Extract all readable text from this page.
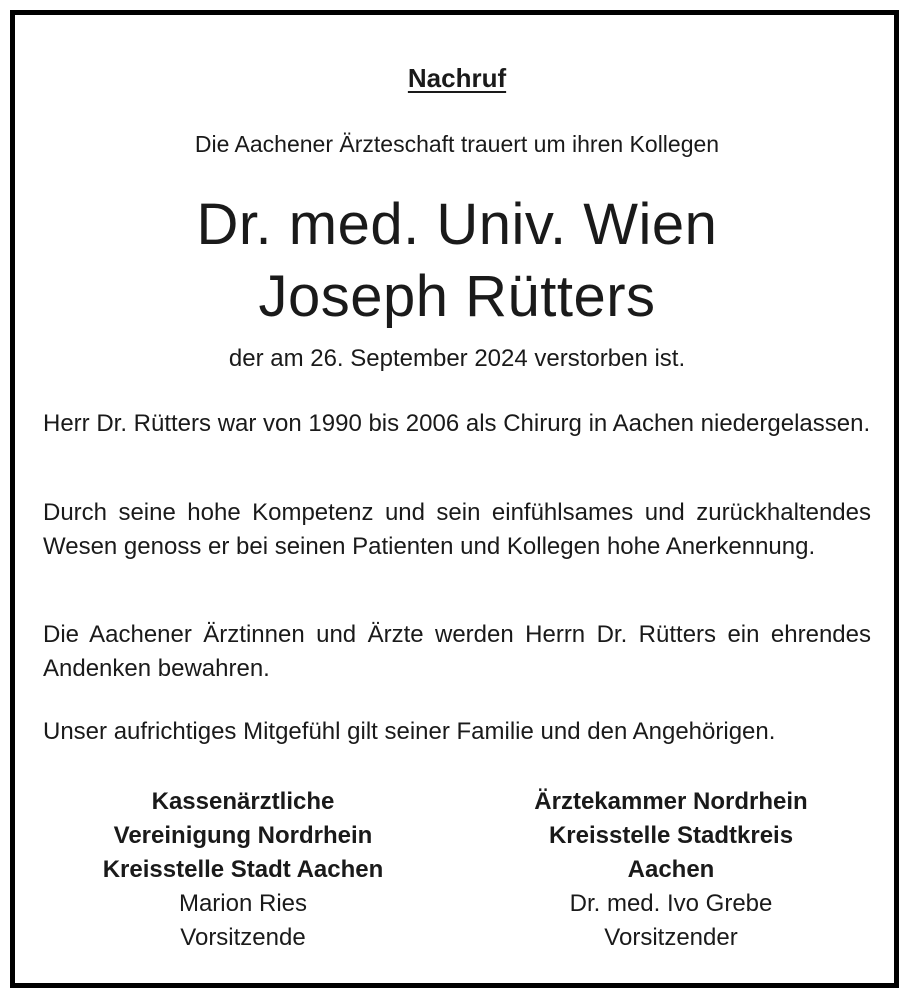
Nachruf
Die Aachener Ärzteschaft trauert um ihren Kollegen
Dr. med. Univ. Wien
Joseph Rütters
der am 26. September 2024 verstorben ist.
Herr Dr. Rütters war von 1990 bis 2006 als Chirurg in Aachen niedergelassen.
Durch seine hohe Kompetenz und sein einfühlsames und zurückhaltendes Wesen genoss er bei seinen Patienten und Kollegen hohe Anerkennung.
Die Aachener Ärztinnen und Ärzte werden Herrn Dr. Rütters ein ehrendes Andenken bewahren.
Unser aufrichtiges Mitgefühl gilt seiner Familie und den Angehörigen.
Kassenärztliche
Vereinigung Nordrhein
Kreisstelle Stadt Aachen
Marion Ries
Vorsitzende
Ärztekammer Nordrhein
Kreisstelle Stadtkreis
Aachen
Dr. med. Ivo Grebe
Vorsitzender
